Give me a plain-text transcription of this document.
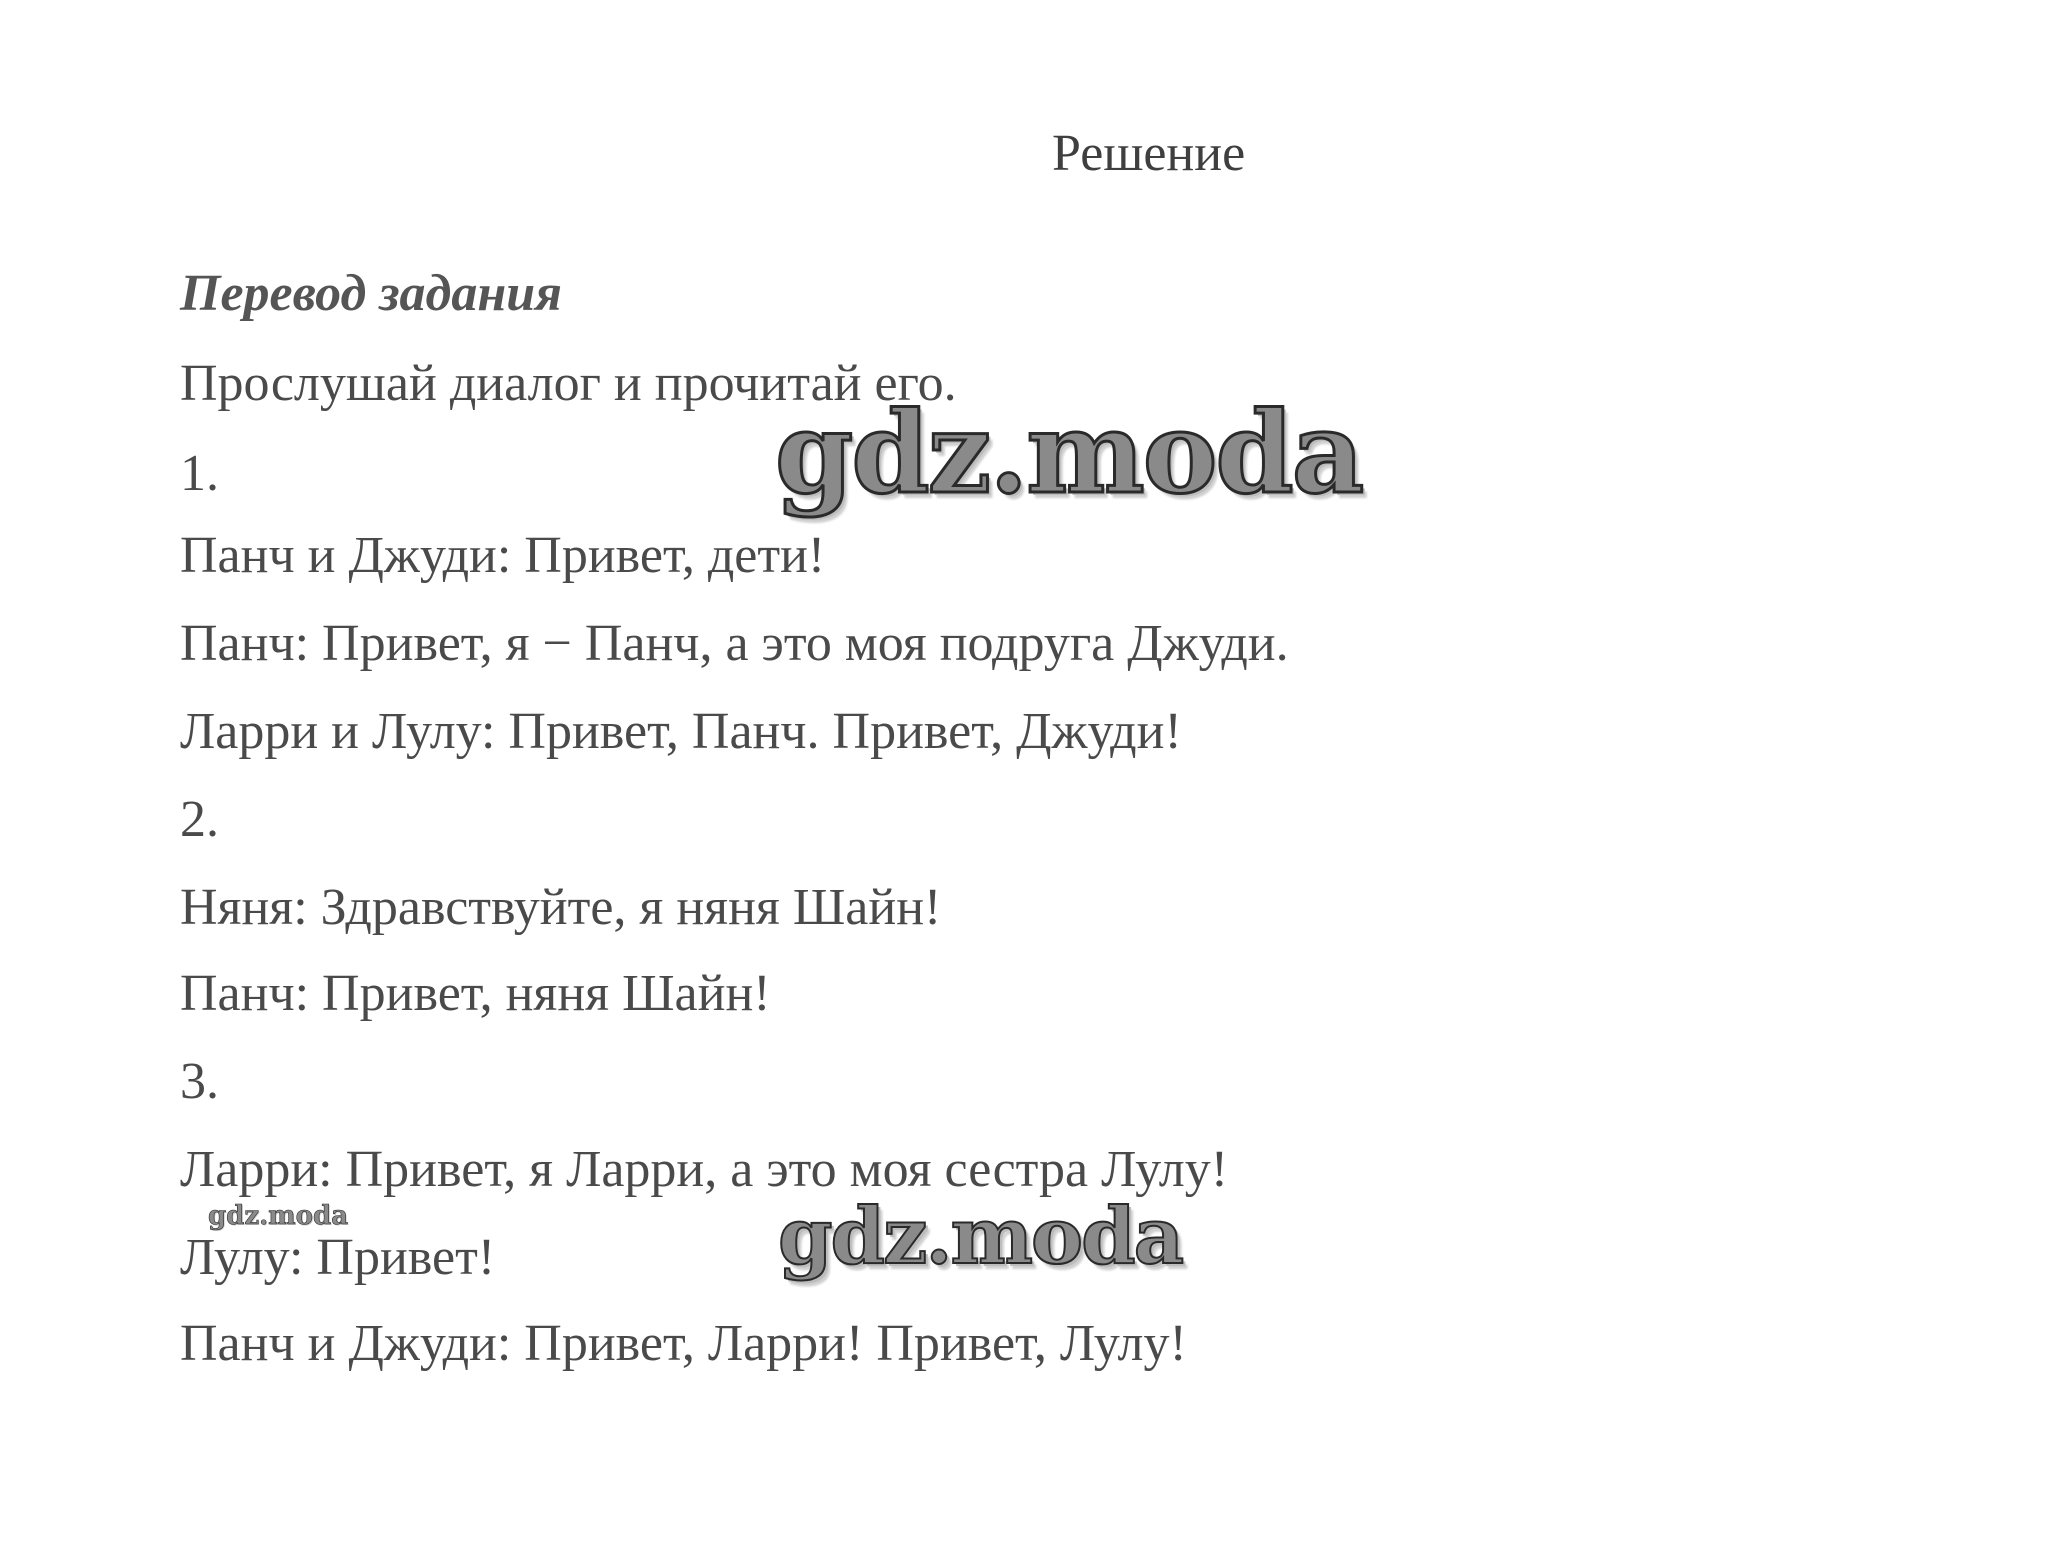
Решение
Перевод задания

Прослушай диалог и прочитай его.

1.

Панч и Джуди: Привет, дети!

Панч: Привет, я − Панч, а это моя подруга Джуди.

Ларри и Лулу: Привет, Панч. Привет, Джуди!

2.

Няня: Здравствуйте, я няня Шайн!

Панч: Привет, няня Шайн!

3.

Ларри: Привет, я Ларри, а это моя сестра Лулу!

Лулу: Привет!

Панч и Джуди: Привет, Ларри! Привет, Лулу!

gdz.moda
gdz.moda
gdz.moda
